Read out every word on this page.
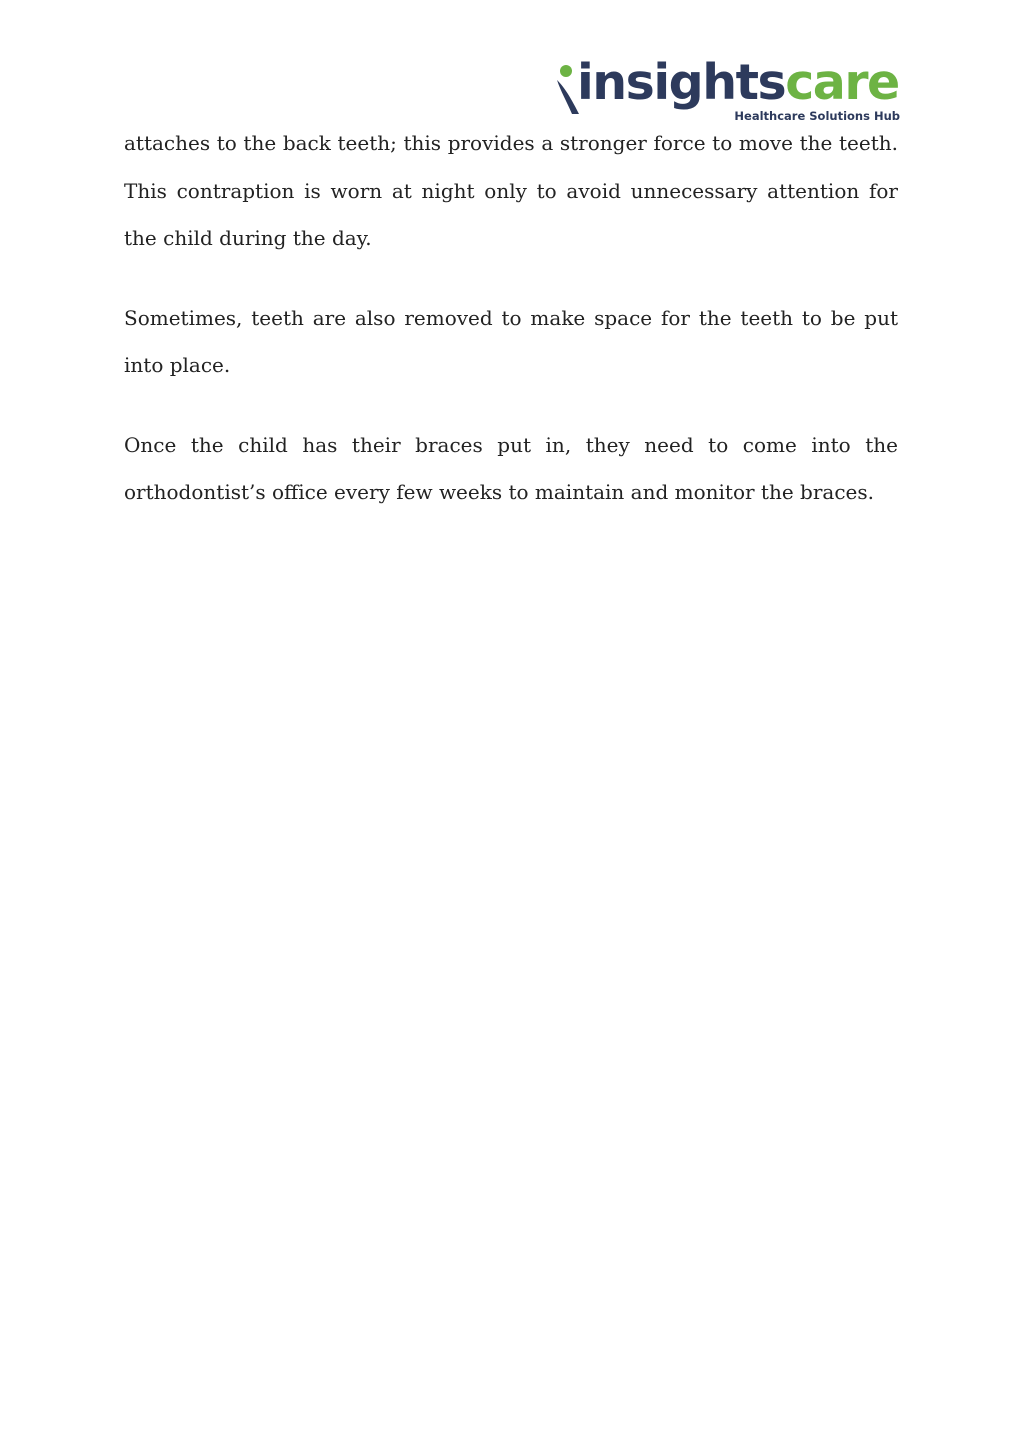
insightscare
Healthcare Solutions Hub

attaches to the back teeth; this provides a stronger force to move the teeth. This contraption is worn at night only to avoid unnecessary attention for the child during the day.

Sometimes, teeth are also removed to make space for the teeth to be put into place.

Once the child has their braces put in, they need to come into the orthodontist’s office every few weeks to maintain and monitor the braces.
